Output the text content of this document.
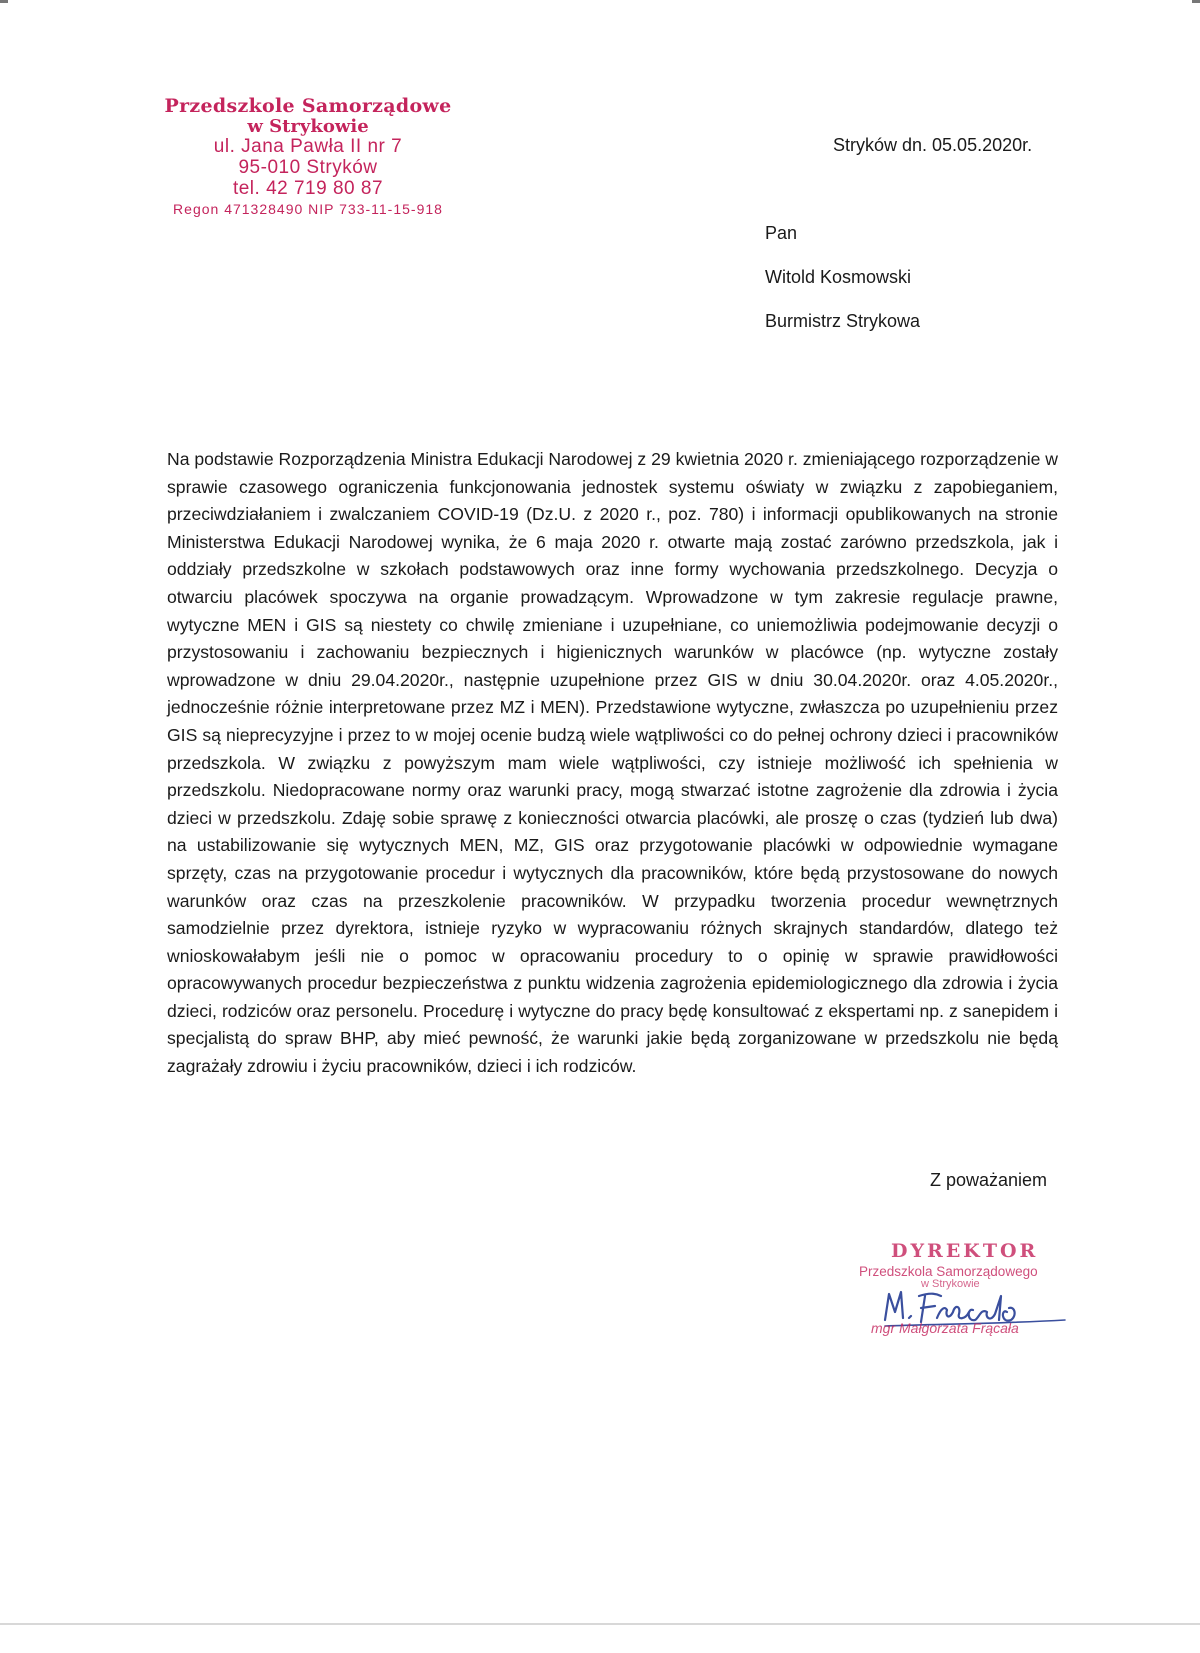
Przedszkole Samorządowe
w Strykowie
ul. Jana Pawła II nr 7
95-010 Stryków
tel. 42 719 80 87
Regon 471328490 NIP 733-11-15-918
Stryków dn. 05.05.2020r.
Pan
Witold Kosmowski
Burmistrz Strykowa
Na podstawie Rozporządzenia Ministra Edukacji Narodowej z 29 kwietnia 2020 r. zmieniającego rozporządzenie w sprawie czasowego ograniczenia funkcjonowania jednostek systemu oświaty w związku z zapobieganiem, przeciwdziałaniem i zwalczaniem COVID-19 (Dz.U. z 2020 r., poz. 780) i informacji opublikowanych na stronie Ministerstwa Edukacji Narodowej wynika, że 6 maja 2020 r. otwarte mają zostać zarówno przedszkola, jak i oddziały przedszkolne w szkołach podstawowych oraz inne formy wychowania przedszkolnego. Decyzja o otwarciu placówek spoczywa na organie prowadzącym. Wprowadzone w tym zakresie regulacje prawne, wytyczne MEN i GIS są niestety co chwilę zmieniane i uzupełniane, co uniemożliwia podejmowanie decyzji o przystosowaniu i zachowaniu bezpiecznych i higienicznych warunków w placówce (np. wytyczne zostały wprowadzone w dniu 29.04.2020r., następnie uzupełnione przez GIS w dniu 30.04.2020r. oraz 4.05.2020r., jednocześnie różnie interpretowane przez MZ i MEN). Przedstawione wytyczne, zwłaszcza po uzupełnieniu przez GIS są nieprecyzyjne i przez to w mojej ocenie budzą wiele wątpliwości co do pełnej ochrony dzieci i pracowników przedszkola. W związku z powyższym mam wiele wątpliwości, czy istnieje możliwość ich spełnienia w przedszkolu. Niedopracowane normy oraz warunki pracy, mogą stwarzać istotne zagrożenie dla zdrowia i życia dzieci w przedszkolu. Zdaję sobie sprawę z konieczności otwarcia placówki, ale proszę o czas (tydzień lub dwa) na ustabilizowanie się wytycznych MEN, MZ, GIS oraz przygotowanie placówki w odpowiednie wymagane sprzęty, czas na przygotowanie procedur i wytycznych dla pracowników, które będą przystosowane do nowych warunków oraz czas na przeszkolenie pracowników. W przypadku tworzenia procedur wewnętrznych samodzielnie przez dyrektora, istnieje ryzyko w wypracowaniu różnych skrajnych standardów, dlatego też wnioskowałabym jeśli nie o pomoc w opracowaniu procedury to o opinię w sprawie prawidłowości opracowywanych procedur bezpieczeństwa z punktu widzenia zagrożenia epidemiologicznego dla zdrowia i życia dzieci, rodziców oraz personelu. Procedurę i wytyczne do pracy będę konsultować z ekspertami np. z sanepidem i specjalistą do spraw BHP, aby mieć pewność, że warunki jakie będą zorganizowane w przedszkolu nie będą zagrażały zdrowiu i życiu pracowników, dzieci i ich rodziców.
Z poważaniem
DYREKTOR
Przedszkola Samorządowego
w Strykowie
mgr Małgorzata Frącała
